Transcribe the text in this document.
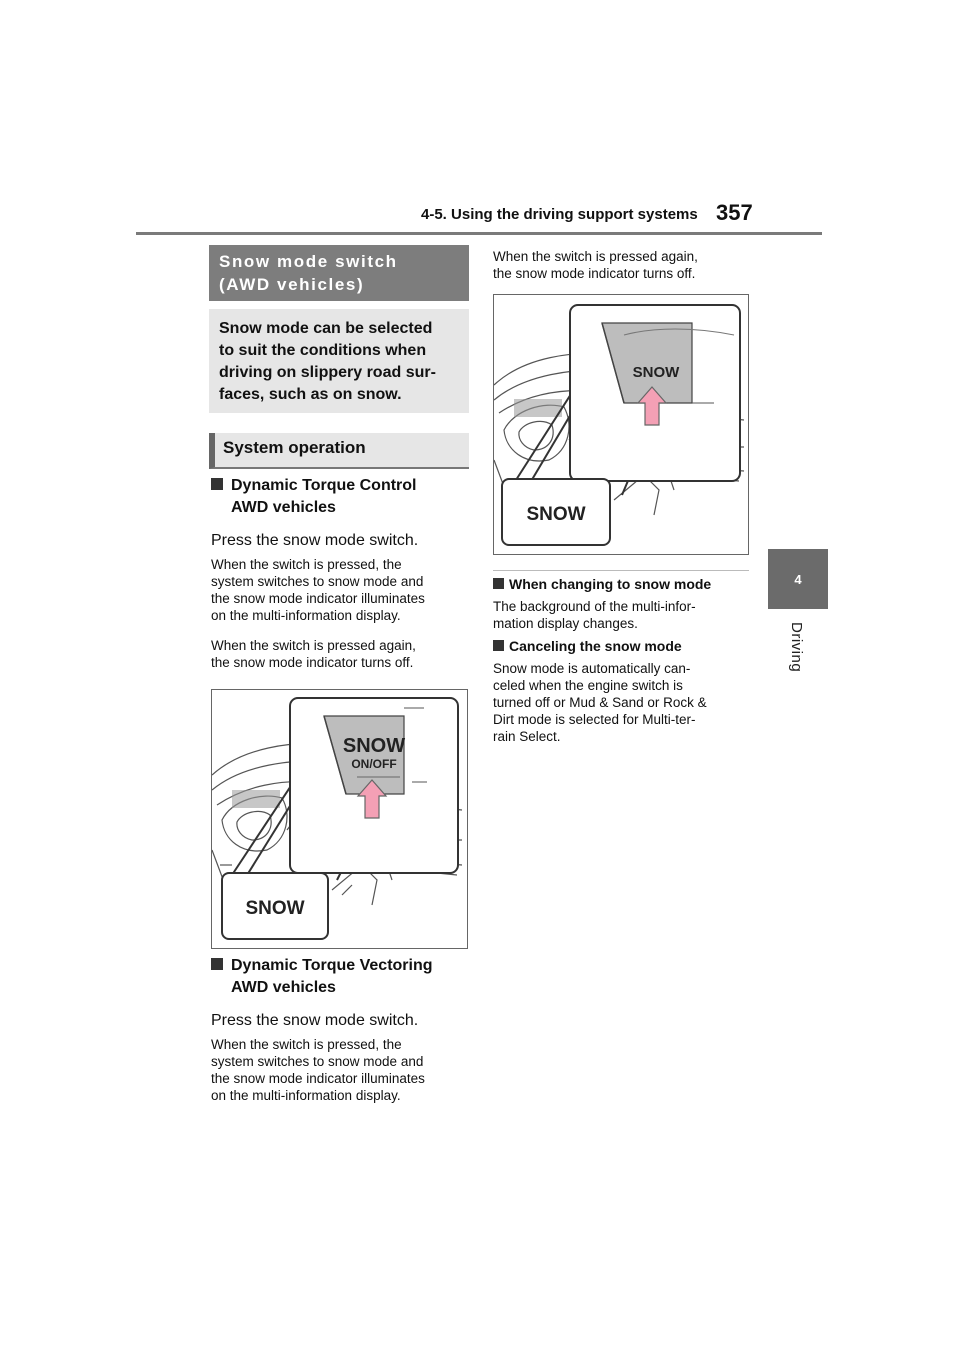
4-5. Using the driving support systems 357
4
Driving
Snow mode switch
(AWD vehicles)
Snow mode can be selected
to suit the conditions when
driving on slippery road sur-
faces, such as on snow.
System operation
Dynamic Torque Control
AWD vehicles
Press the snow mode switch.
When the switch is pressed, the
system switches to snow mode and
the snow mode indicator illuminates
on the multi-information display.
When the switch is pressed again,
the snow mode indicator turns off.
SNOW
ON/OFF
SNOW
Dynamic Torque Vectoring
AWD vehicles
Press the snow mode switch.
When the switch is pressed, the
system switches to snow mode and
the snow mode indicator illuminates
on the multi-information display.
When the switch is pressed again,
the snow mode indicator turns off.
SNOW
SNOW
When changing to snow mode
The background of the multi-infor-
mation display changes.
Canceling the snow mode
Snow mode is automatically can-
celed when the engine switch is
turned off or Mud & Sand or Rock &
Dirt mode is selected for Multi-ter-
rain Select.
